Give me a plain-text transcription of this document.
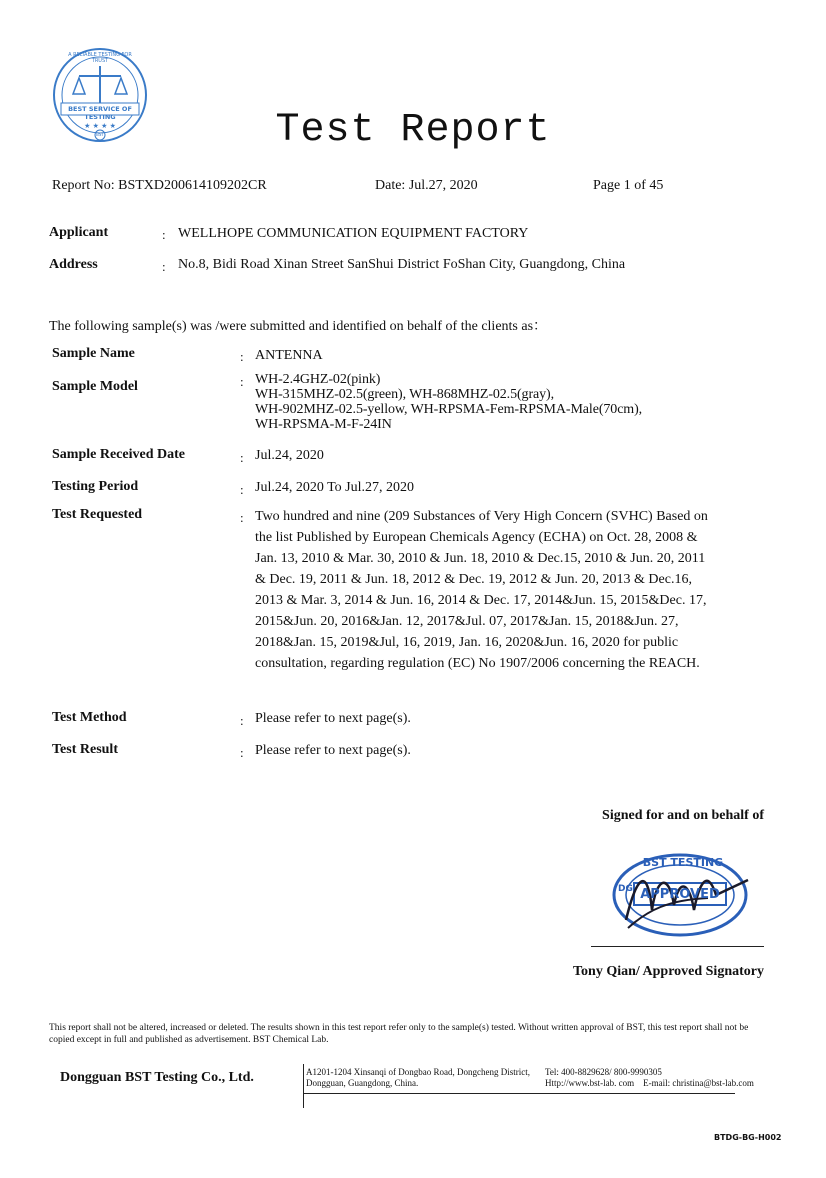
★ ★ ★ ★
A RELIABLE TESTING FOR TRUST
BEST SERVICE OF TESTING
BST	Test Report
Report No: BSTXD200614109202CR	Date: Jul.27, 2020	Page 1 of 45
Applicant	: WELLHOPE COMMUNICATION EQUIPMENT FACTORY
Address	: No.8, Bidi Road Xinan Street SanShui District FoShan City, Guangdong, China
The following sample(s) was /were submitted and identified on behalf of the clients as：
Sample Name	: ANTENNA
Sample Model	: WH-2.4GHZ-02(pink)
WH-315MHZ-02.5(green), WH-868MHZ-02.5(gray),
WH-902MHZ-02.5-yellow, WH-RPSMA-Fem-RPSMA-Male(70cm),
WH-RPSMA-M-F-24IN
Sample Received Date	: Jul.24, 2020
Testing Period	: Jul.24, 2020 To Jul.27, 2020
Test Requested	: Two hundred and nine (209 Substances of Very High Concern (SVHC) Based on
the list Published by European Chemicals Agency (ECHA) on Oct. 28, 2008 &
Jan. 13, 2010 & Mar. 30, 2010 & Jun. 18, 2010 & Dec.15, 2010 & Jun. 20, 2011
& Dec. 19, 2011 & Jun. 18, 2012 & Dec. 19, 2012 & Jun. 20, 2013 & Dec.16,
2013 & Mar. 3, 2014 & Jun. 16, 2014 & Dec. 17, 2014&Jun. 15, 2015&Dec. 17,
2015&Jun. 20, 2016&Jan. 12, 2017&Jul. 07, 2017&Jan. 15, 2018&Jun. 27,
2018&Jan. 15, 2019&Jul, 16, 2019, Jan. 16, 2020&Jun. 16, 2020 for public
consultation, regarding regulation (EC) No 1907/2006 concerning the REACH.
Test Method	: Please refer to next page(s).
Test Result	: Please refer to next page(s).
Signed for and on behalf of
BST TESTING
APPROVED
DG
Tony Qian/ Approved Signatory
This report shall not be altered, increased or deleted. The results shown in this test report refer only to the sample(s) tested. Without written approval of BST, this test report shall not be copied except in full and published as advertisement. BST Chemical Lab.
Dongguan BST Testing Co., Ltd.	A1201-1204 Xinsanqi of Dongbao Road, Dongcheng District,
Dongguan, Guangdong, China.
Tel: 400-8829628/ 800-9990305
Http://www.bst-lab. com    E-mail: christina@bst-lab.com
BTDG-BG-H002
